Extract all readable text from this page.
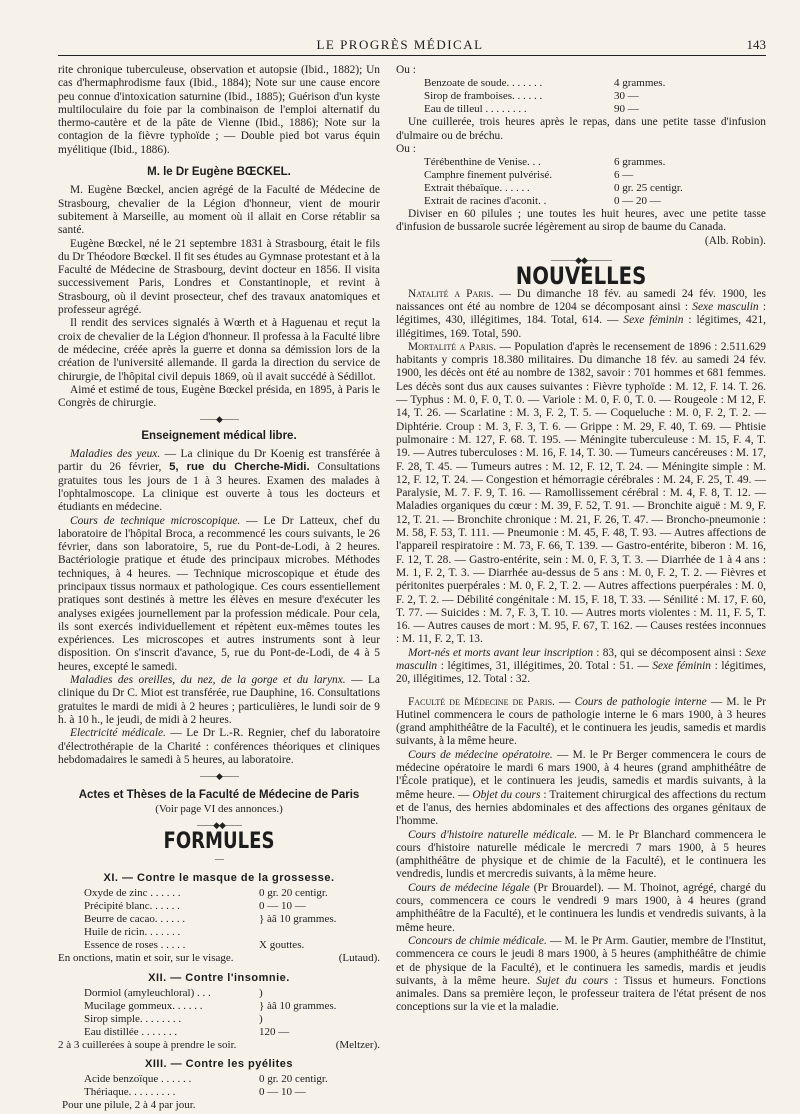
LE PROGRÈS MÉDICAL	143

rite chronique tuberculeuse, observation et autopsie (Ibid., 1882); Un cas d'hermaphrodisme faux (Ibid., 1884); Note sur une cause encore peu connue d'intoxication saturnine (Ibid., 1885); Guérison d'un kyste multiloculaire du foie par la combinaison de l'emploi alternatif du thermo-cautère et de la pâte de Vienne (Ibid., 1886); Note sur la contagion de la fièvre typhoïde ; — Double pied bot varus équin myélitique (Ibid., 1886).

M. le Dr Eugène BŒCKEL.

M. Eugène Bœckel, ancien agrégé de la Faculté de Médecine de Strasbourg, chevalier de la Légion d'honneur, vient de mourir subitement à Marseille, au moment où il allait en Corse rétablir sa santé.

Eugène Bœckel, né le 21 septembre 1831 à Strasbourg, était le fils du Dr Théodore Bœckel. Il fit ses études au Gymnase protestant et à la Faculté de Médecine de Strasbourg, devint docteur en 1856. Il visita successivement Paris, Londres et Constantinople, et revint à Strasbourg, où il devint prosecteur, chef des travaux anatomiques et professeur agrégé.

Il rendit des services signalés à Wœrth et à Haguenau et reçut la croix de chevalier de la Légion d'honneur. Il professa à la Faculté libre de médecine, créée après la guerre et donna sa démission lors de la création de l'université allemande. Il garda la direction du service de chirurgie, de l'hôpital civil depuis 1869, où il avait succédé à Sédillot.

Aimé et estimé de tous, Eugène Bœckel présida, en 1895, à Paris le Congrès de chirurgie.

——◆——
Enseignement médical libre.

Maladies des yeux. — La clinique du Dr Koenig est transférée à partir du 26 février, 5, rue du Cherche-Midi. Consultations gratuites tous les jours de 1 à 3 heures. Examen des malades à l'ophtalmoscope. La clinique est ouverte à tous les docteurs et étudiants en médecine.

Cours de technique microscopique. — Le Dr Latteux, chef du laboratoire de l'hôpital Broca, a recommencé les cours suivants, le 26 février, dans son laboratoire, 5, rue du Pont-de-Lodi, à 2 heures. Bactériologie pratique et étude des principaux microbes. Méthodes techniques, à 4 heures. — Technique microscopique et étude des principaux tissus normaux et pathologique. Ces cours essentiellement pratiques sont destinés à mettre les élèves en mesure d'exécuter les analyses exigées journellement par la profession médicale. Pour cela, ils sont exercés individuellement et répètent eux-mêmes toutes les expériences. Les microscopes et autres instruments sont à leur disposition. On s'inscrit d'avance, 5, rue du Pont-de-Lodi, de 4 à 5 heures, excepté le samedi.

Maladies des oreilles, du nez, de la gorge et du larynx. — La clinique du Dr C. Miot est transférée, rue Dauphine, 16. Consultations gratuites le mardi de midi à 2 heures ; particulières, le lundi soir de 9 h. à 10 h., le jeudi, de midi à 2 heures.

Electricité médicale. — Le Dr L.-R. Regnier, chef du laboratoire d'électrothérapie de la Charité : conférences théoriques et cliniques hebdomadaires le samedi à 5 heures, au laboratoire.

——◆——
Actes et Thèses de la Faculté de Médecine de Paris
(Voir page VI des annonces.)
——◆◆——
FORMULES
—
XI. — Contre le masque de la grossesse.
Oxyde de zinc . . . . . .	0 gr. 20 centigr.
Précipité blanc. . . . . .	0 — 10 —
Beurre de cacao. . . . . .	} àâ 10 grammes.
Huile de ricin. . . . . . .
Essence de roses . . . . .	X gouttes.
En onctions, matin et soir, sur le visage.	(Lutaud).
XII. — Contre l'insomnie.
Dormiol (amyleuchloral) . . .	)
Mucilage gommeux. . . . . .	} àâ 10 grammes.
Sirop simple. . . . . . . .	)
Eau distillée . . . . . . .	120 —
2 à 3 cuillerées à soupe à prendre le soir.	(Meltzer).
XIII. — Contre les pyélites
Acide benzoïque . . . . . .	0 gr. 20 centigr.
Thériaque. . . . . . . . .	0 — 10 —
Pour une pilule, 2 à 4 par jour.
Ou :
Benzoate de soude. . . . . . .	4 grammes.
Sirop de framboises. . . . . .	30 —
Eau de tilleul . . . . . . . .	90 —

Une cuillerée, trois heures après le repas, dans une petite tasse d'infusion d'ulmaire ou de bréchu.

Ou :
Térébenthine de Venise. . .	6 grammes.
Camphre finement pulvérisé.	6 —
Extrait thébaïque. . . . . .	0 gr. 25 centigr.
Extrait de racines d'aconit. .	0 — 20 —

Diviser en 60 pilules ; une toutes les huit heures, avec une petite tasse d'infusion de bussarole sucrée légèrement au sirop de baume du Canada.

(Alb. Robin).
———◆◆———
NOUVELLES

Natalité a Paris. — Du dimanche 18 fév. au samedi 24 fév. 1900, les naissances ont été au nombre de 1204 se décomposant ainsi : Sexe masculin : légitimes, 430, illégitimes, 184. Total, 614. — Sexe féminin : légitimes, 421, illégitimes, 169. Total, 590.

Mortalité a Paris. — Population d'après le recensement de 1896 : 2.511.629 habitants y compris 18.380 militaires. Du dimanche 18 fév. au samedi 24 fév. 1900, les décès ont été au nombre de 1382, savoir : 701 hommes et 681 femmes. Les décès sont dus aux causes suivantes : Fièvre typhoïde : M. 12, F. 14. T. 26. — Typhus : M. 0, F. 0, T. 0. — Variole : M. 0, F. 0, T. 0. — Rougeole : M 12, F. 14, T. 26. — Scarlatine : M. 3, F. 2, T. 5. — Coqueluche : M. 0, F. 2, T. 2. — Diphtérie. Croup : M. 3, F. 3, T. 6. — Grippe : M. 29, F. 40, T. 69. — Phtisie pulmonaire : M. 127, F. 68. T. 195. — Méningite tuberculeuse : M. 15, F. 4, T. 19. — Autres tuberculoses : M. 16, F. 14, T. 30. — Tumeurs cancéreuses : M. 17, F. 28, T. 45. — Tumeurs autres : M. 12, F. 12, T. 24. — Méningite simple : M. 12, F. 12, T. 24. — Congestion et hémorragie cérébrales : M. 24, F. 25, T. 49. — Paralysie, M. 7. F. 9, T. 16. — Ramollissement cérébral : M. 4, F. 8, T. 12. — Maladies organiques du cœur : M. 39, F. 52, T. 91. — Bronchite aiguë : M. 9, F. 12, T. 21. — Bronchite chronique : M. 21, F. 26, T. 47. — Broncho-pneumonie : M. 58, F. 53, T. 111. — Pneumonie : M. 45, F. 48, T. 93. — Autres affections de l'appareil respiratoire : M. 73, F. 66, T. 139. — Gastro-entérite, biberon : M. 16, F. 12, T. 28. — Gastro-entérite, sein : M. 0, F. 3, T. 3. — Diarrhée de 1 à 4 ans : M. 1, F. 2, T. 3. — Diarrhée au-dessus de 5 ans : M. 0, F. 2, T. 2. — Fièvres et péritonites puerpérales : M. 0, F. 2, T. 2. — Autres affections puerpérales : M. 0, F. 2, T. 2. — Débilité congénitale : M. 15, F. 18, T. 33. — Sénilité : M. 17, F. 60, T. 77. — Suicides : M. 7, F. 3, T. 10. — Autres morts violentes : M. 11, F. 5, T. 16. — Autres causes de mort : M. 95, F. 67, T. 162. — Causes restées inconnues : M. 11, F. 2, T. 13.

Mort-nés et morts avant leur inscription : 83, qui se décomposent ainsi : Sexe masculin : légitimes, 31, illégitimes, 20. Total : 51. — Sexe féminin : légitimes, 20, illégitimes, 12. Total : 32.

Faculté de Médecine de Paris. — Cours de pathologie interne — M. le Pr Hutinel commencera le cours de pathologie interne le 6 mars 1900, à 3 heures (grand amphithéâtre de la Faculté), et le continuera les jeudis, samedis et mardis suivants, à la même heure.

Cours de médecine opératoire. — M. le Pr Berger commencera le cours de médecine opératoire le mardi 6 mars 1900, à 4 heures (grand amphithéâtre de l'École pratique), et le continuera les jeudis, samedis et mardis suivants, à la même heure. — Objet du cours : Traitement chirurgical des affections du rectum et de l'anus, des hernies abdominales et des affections des organes génitaux de l'homme.

Cours d'histoire naturelle médicale. — M. le Pr Blanchard commencera le cours d'histoire naturelle médicale le mercredi 7 mars 1900, à 5 heures (amphithéâtre de physique et de chimie de la Faculté), et le continuera les vendredis, lundis et mercredis suivants, à la même heure.

Cours de médecine légale (Pr Brouardel). — M. Thoinot, agrégé, chargé du cours, commencera ce cours le vendredi 9 mars 1900, à 4 heures (grand amphithéâtre de la Faculté), et le continuera les lundis et vendredis suivants, à la même heure.

Concours de chimie médicale. — M. le Pr Arm. Gautier, membre de l'Institut, commencera ce cours le jeudi 8 mars 1900, à 5 heures (amphithéâtre de chimie et de physique de la Faculté), et le continuera les samedis, mardis et jeudis suivants, à la même heure. Sujet du cours : Tissus et humeurs. Fonctions animales. Dans sa première leçon, le professeur traitera de l'état présent de nos conceptions sur la vie et la maladie.
